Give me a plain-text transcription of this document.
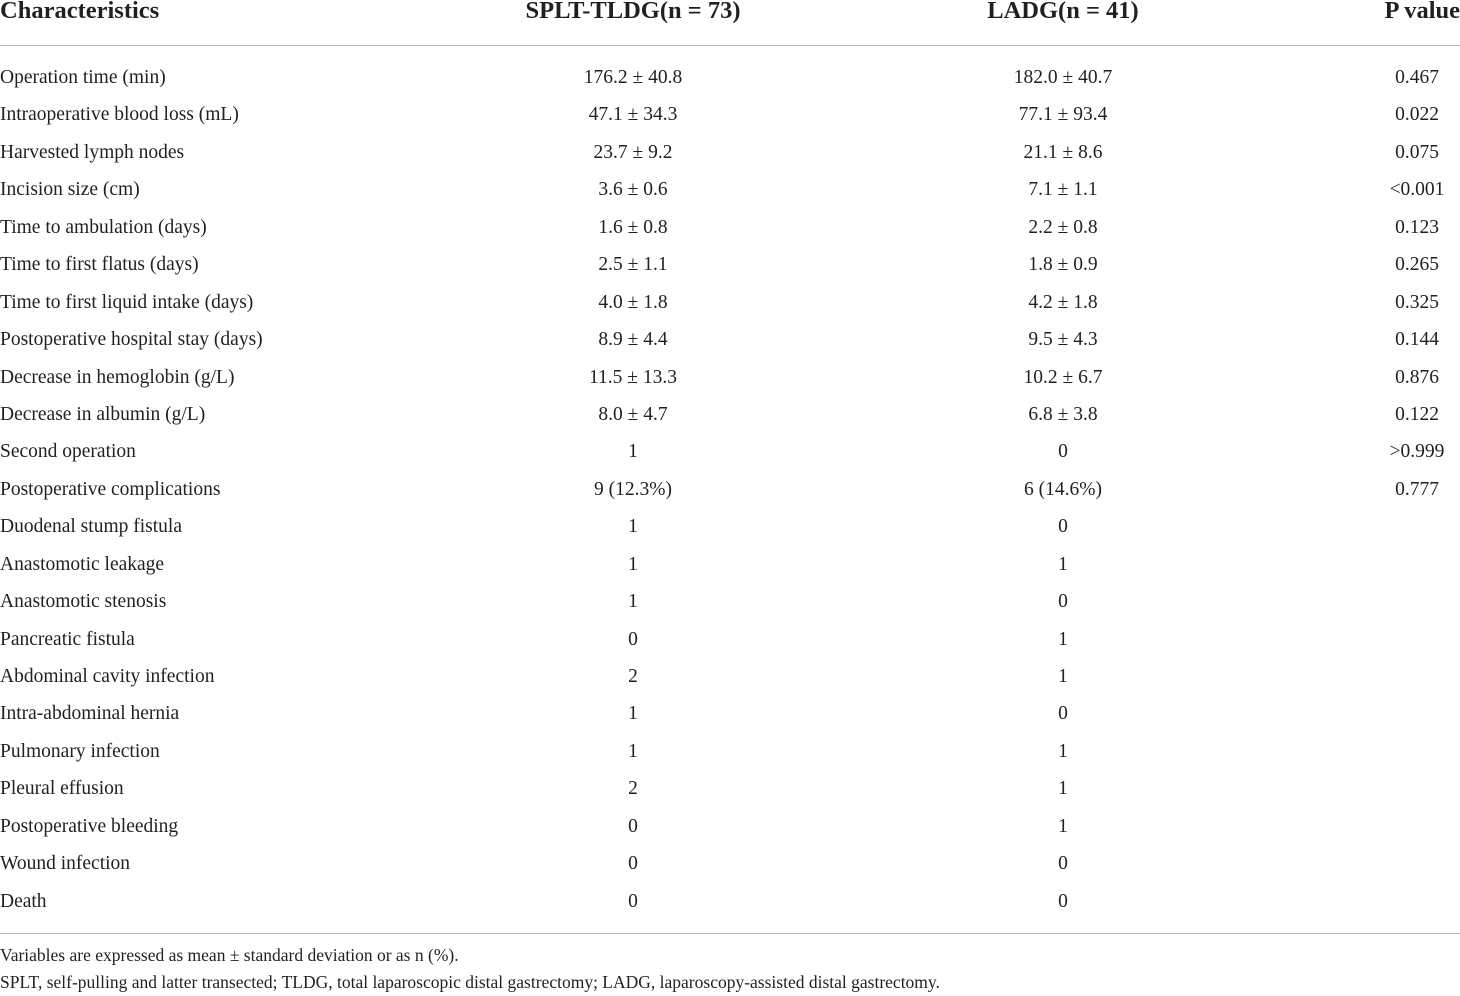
Characteristics	SPLT-TLDG(n = 73)	LADG(n = 41)	P value
Operation time (min)	176.2 ± 40.8	182.0 ± 40.7	0.467
Intraoperative blood loss (mL)	47.1 ± 34.3	77.1 ± 93.4	0.022
Harvested lymph nodes	23.7 ± 9.2	21.1 ± 8.6	0.075
Incision size (cm)	3.6 ± 0.6	7.1 ± 1.1	<0.001
Time to ambulation (days)	1.6 ± 0.8	2.2 ± 0.8	0.123
Time to first flatus (days)	2.5 ± 1.1	1.8 ± 0.9	0.265
Time to first liquid intake (days)	4.0 ± 1.8	4.2 ± 1.8	0.325
Postoperative hospital stay (days)	8.9 ± 4.4	9.5 ± 4.3	0.144
Decrease in hemoglobin (g/L)	11.5 ± 13.3	10.2 ± 6.7	0.876
Decrease in albumin (g/L)	8.0 ± 4.7	6.8 ± 3.8	0.122
Second operation	1	0	>0.999
Postoperative complications	9 (12.3%)	6 (14.6%)	0.777
Duodenal stump fistula	1	0
Anastomotic leakage	1	1
Anastomotic stenosis	1	0
Pancreatic fistula	0	1
Abdominal cavity infection	2	1
Intra-abdominal hernia	1	0
Pulmonary infection	1	1
Pleural effusion	2	1
Postoperative bleeding	0	1
Wound infection	0	0
Death	0	0
Variables are expressed as mean ± standard deviation or as n (%).
SPLT, self-pulling and latter transected; TLDG, total laparoscopic distal gastrectomy; LADG, laparoscopy-assisted distal gastrectomy.
